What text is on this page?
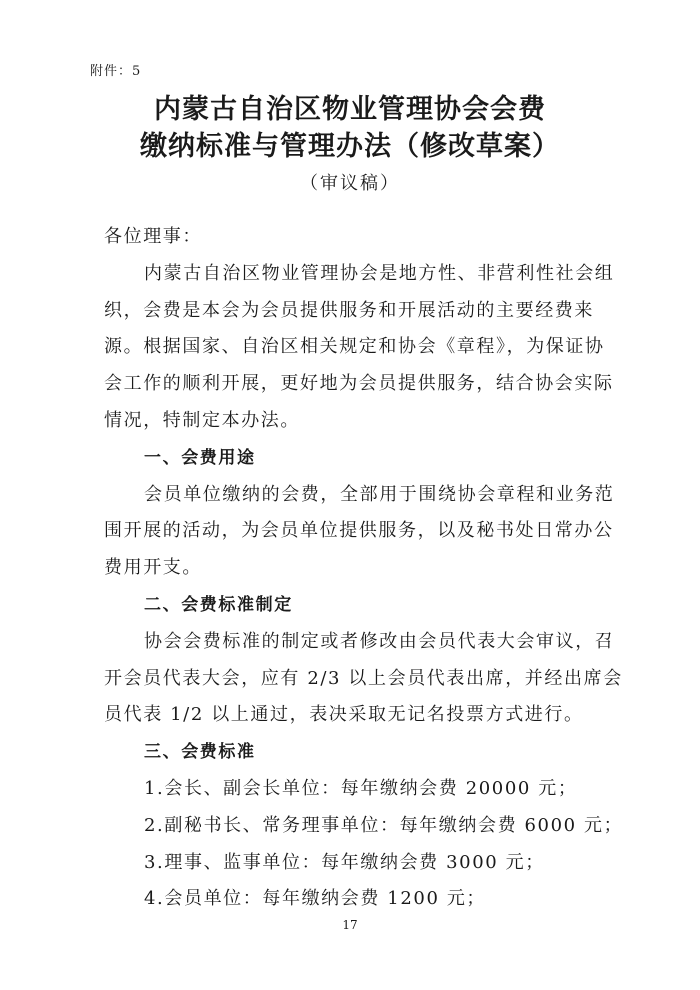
附件：5
内蒙古自治区物业管理协会会费
缴纳标准与管理办法（修改草案）
（审议稿）
各位理事：
内蒙古自治区物业管理协会是地方性、非营利性社会组
织，会费是本会为会员提供服务和开展活动的主要经费来
源。根据国家、自治区相关规定和协会《章程》，为保证协
会工作的顺利开展，更好地为会员提供服务，结合协会实际
情况，特制定本办法。
一、会费用途
会员单位缴纳的会费，全部用于围绕协会章程和业务范
围开展的活动，为会员单位提供服务，以及秘书处日常办公
费用开支。
二、会费标准制定
协会会费标准的制定或者修改由会员代表大会审议，召
开会员代表大会，应有 2/3 以上会员代表出席，并经出席会
员代表 1/2 以上通过，表决采取无记名投票方式进行。
三、会费标准
1.会长、副会长单位：每年缴纳会费 20000 元；
2.副秘书长、常务理事单位：每年缴纳会费 6000 元；
3.理事、监事单位：每年缴纳会费 3000 元；
4.会员单位：每年缴纳会费 1200 元；
17
